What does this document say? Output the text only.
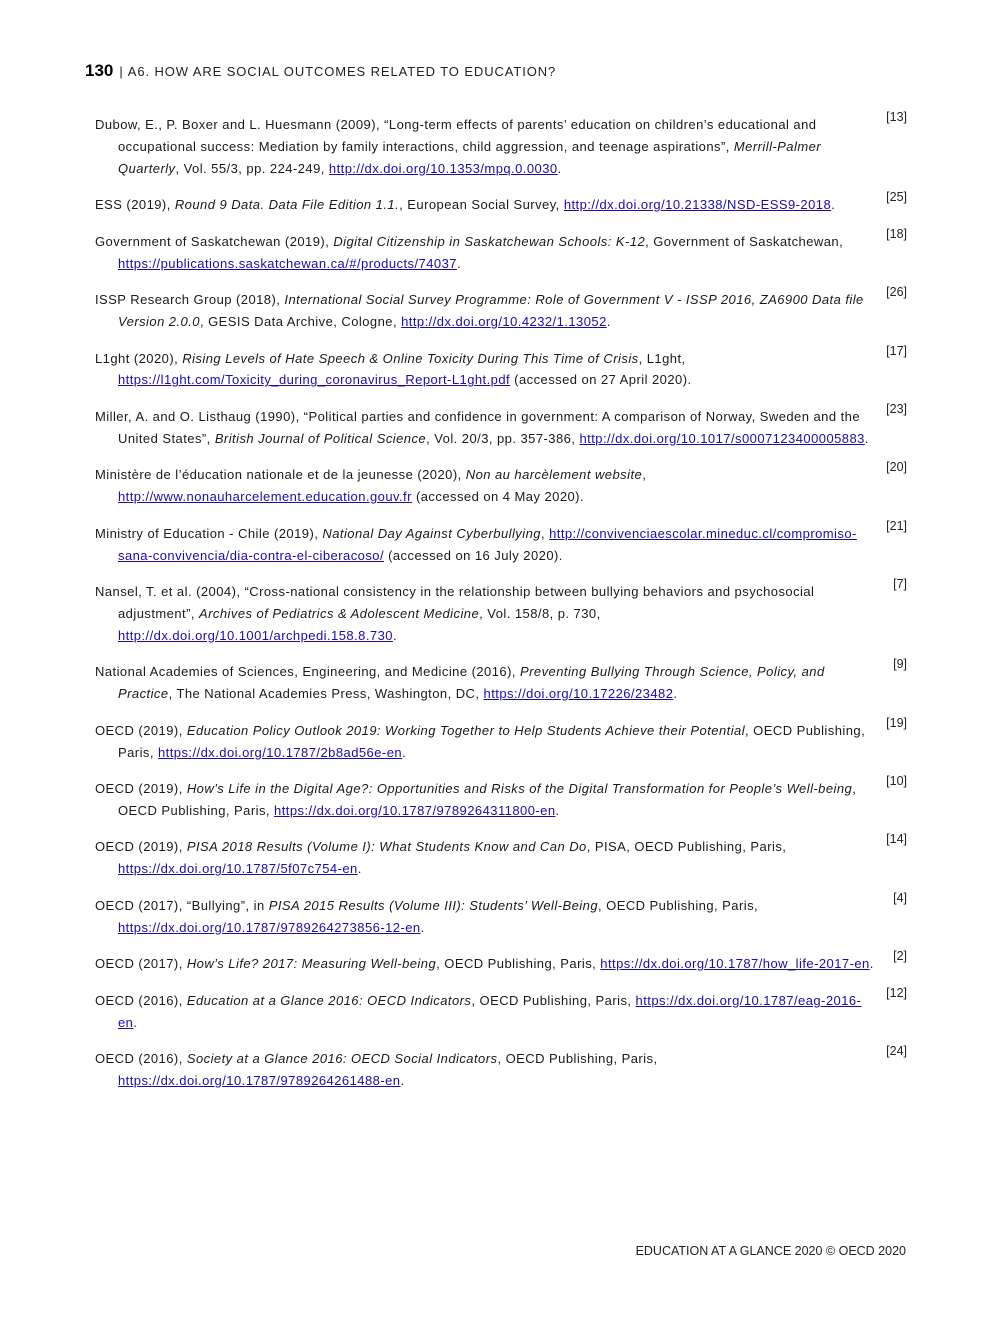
130 | A6. HOW ARE SOCIAL OUTCOMES RELATED TO EDUCATION?
Dubow, E., P. Boxer and L. Huesmann (2009), “Long-term effects of parents’ education on children’s educational and occupational success: Mediation by family interactions, child aggression, and teenage aspirations”, Merrill-Palmer Quarterly, Vol. 55/3, pp. 224-249, http://dx.doi.org/10.1353/mpq.0.0030.
[13]
ESS (2019), Round 9 Data. Data File Edition 1.1., European Social Survey, http://dx.doi.org/10.21338/NSD-ESS9-2018.	[25]
Government of Saskatchewan (2019), Digital Citizenship in Saskatchewan Schools: K-12, Government of Saskatchewan, https://publications.saskatchewan.ca/#/products/74037.
[18]
ISSP Research Group (2018), International Social Survey Programme: Role of Government V - ISSP 2016, ZA6900 Data file Version 2.0.0, GESIS Data Archive, Cologne, http://dx.doi.org/10.4232/1.13052.
[26]
L1ght (2020), Rising Levels of Hate Speech & Online Toxicity During This Time of Crisis, L1ght, https://l1ght.com/Toxicity_during_coronavirus_Report-L1ght.pdf (accessed on 27 April 2020).
[17]
Miller, A. and O. Listhaug (1990), “Political parties and confidence in government: A comparison of Norway, Sweden and the United States”, British Journal of Political Science, Vol. 20/3, pp. 357-386, http://dx.doi.org/10.1017/s0007123400005883.
[23]
Ministère de l’éducation nationale et de la jeunesse (2020), Non au harcèlement website, http://www.nonauharcelement.education.gouv.fr (accessed on 4 May 2020).
[20]
Ministry of Education - Chile (2019), National Day Against Cyberbullying, http://convivenciaescolar.mineduc.cl/compromiso-sana-convivencia/dia-contra-el-ciberacoso/ (accessed on 16 July 2020).
[21]
Nansel, T. et al. (2004), “Cross-national consistency in the relationship between bullying behaviors and psychosocial adjustment”, Archives of Pediatrics & Adolescent Medicine, Vol. 158/8, p. 730, http://dx.doi.org/10.1001/archpedi.158.8.730.
[7]
National Academies of Sciences, Engineering, and Medicine (2016), Preventing Bullying Through Science, Policy, and Practice, The National Academies Press, Washington, DC, https://doi.org/10.17226/23482.
[9]
OECD (2019), Education Policy Outlook 2019: Working Together to Help Students Achieve their Potential, OECD Publishing, Paris, https://dx.doi.org/10.1787/2b8ad56e-en.
[19]
OECD (2019), How’s Life in the Digital Age?: Opportunities and Risks of the Digital Transformation for People’s Well-being, OECD Publishing, Paris, https://dx.doi.org/10.1787/9789264311800-en.
[10]
OECD (2019), PISA 2018 Results (Volume I): What Students Know and Can Do, PISA, OECD Publishing, Paris, https://dx.doi.org/10.1787/5f07c754-en.
[14]
OECD (2017), “Bullying”, in PISA 2015 Results (Volume III): Students’ Well-Being, OECD Publishing, Paris, https://dx.doi.org/10.1787/9789264273856-12-en.
[4]
OECD (2017), How’s Life? 2017: Measuring Well-being, OECD Publishing, Paris, https://dx.doi.org/10.1787/how_life-2017-en.	[2]
OECD (2016), Education at a Glance 2016: OECD Indicators, OECD Publishing, Paris, https://dx.doi.org/10.1787/eag-2016-en.
[12]
OECD (2016), Society at a Glance 2016: OECD Social Indicators, OECD Publishing, Paris, https://dx.doi.org/10.1787/9789264261488-en.
[24]
EDUCATION AT A GLANCE 2020 © OECD 2020
